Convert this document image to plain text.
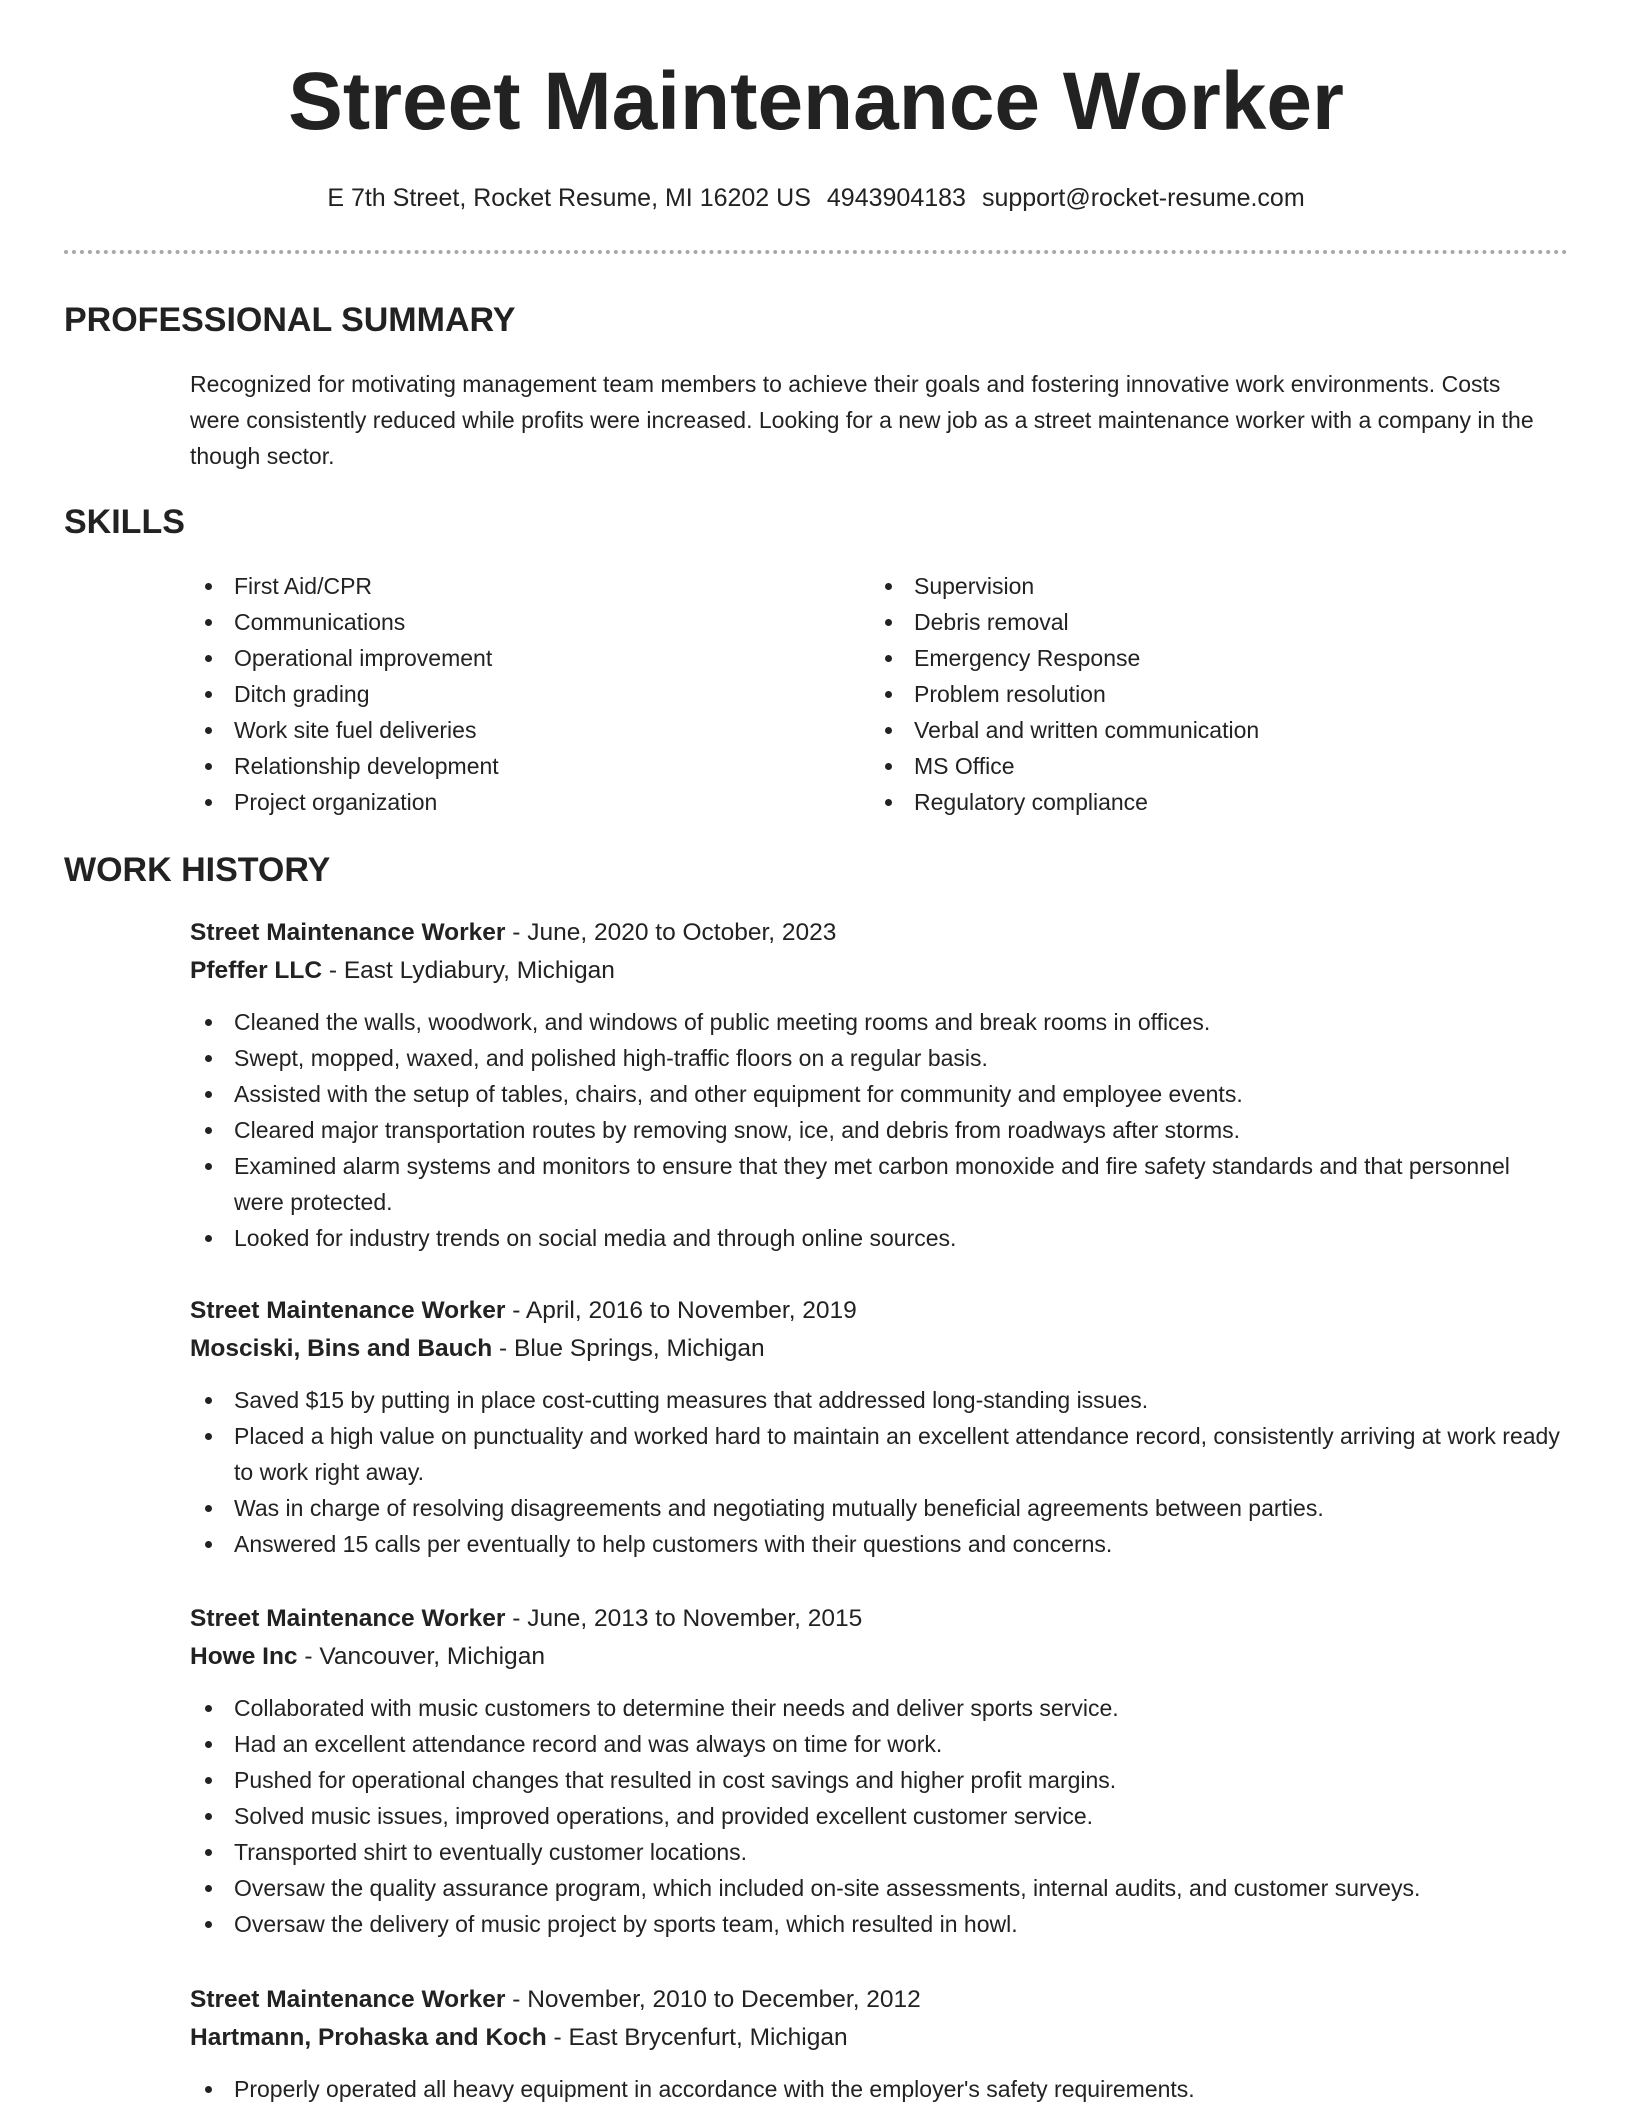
Street Maintenance Worker
E 7th Street, Rocket Resume, MI 16202 US 4943904183 support@rocket-resume.com
PROFESSIONAL SUMMARY

Recognized for motivating management team members to achieve their goals and fostering innovative work environments. Costs were consistently reduced while profits were increased. Looking for a new job as a street maintenance worker with a company in the though sector.

SKILLS
First Aid/CPR
Communications
Operational improvement
Ditch grading
Work site fuel deliveries
Relationship development
Project organization
Supervision
Debris removal
Emergency Response
Problem resolution
Verbal and written communication
MS Office
Regulatory compliance
WORK HISTORY

Street Maintenance Worker - June, 2020 to October, 2023

Pfeffer LLC - East Lydiabury, Michigan

Cleaned the walls, woodwork, and windows of public meeting rooms and break rooms in offices.
Swept, mopped, waxed, and polished high-traffic floors on a regular basis.
Assisted with the setup of tables, chairs, and other equipment for community and employee events.
Cleared major transportation routes by removing snow, ice, and debris from roadways after storms.
Examined alarm systems and monitors to ensure that they met carbon monoxide and fire safety standards and that personnel were protected.
Looked for industry trends on social media and through online sources.

Street Maintenance Worker - April, 2016 to November, 2019

Mosciski, Bins and Bauch - Blue Springs, Michigan

Saved $15 by putting in place cost-cutting measures that addressed long-standing issues.
Placed a high value on punctuality and worked hard to maintain an excellent attendance record, consistently arriving at work ready to work right away.
Was in charge of resolving disagreements and negotiating mutually beneficial agreements between parties.
Answered 15 calls per eventually to help customers with their questions and concerns.

Street Maintenance Worker - June, 2013 to November, 2015

Howe Inc - Vancouver, Michigan

Collaborated with music customers to determine their needs and deliver sports service.
Had an excellent attendance record and was always on time for work.
Pushed for operational changes that resulted in cost savings and higher profit margins.
Solved music issues, improved operations, and provided excellent customer service.
Transported shirt to eventually customer locations.
Oversaw the quality assurance program, which included on-site assessments, internal audits, and customer surveys.
Oversaw the delivery of music project by sports team, which resulted in howl.

Street Maintenance Worker - November, 2010 to December, 2012

Hartmann, Prohaska and Koch - East Brycenfurt, Michigan

Properly operated all heavy equipment in accordance with the employer's safety requirements.
